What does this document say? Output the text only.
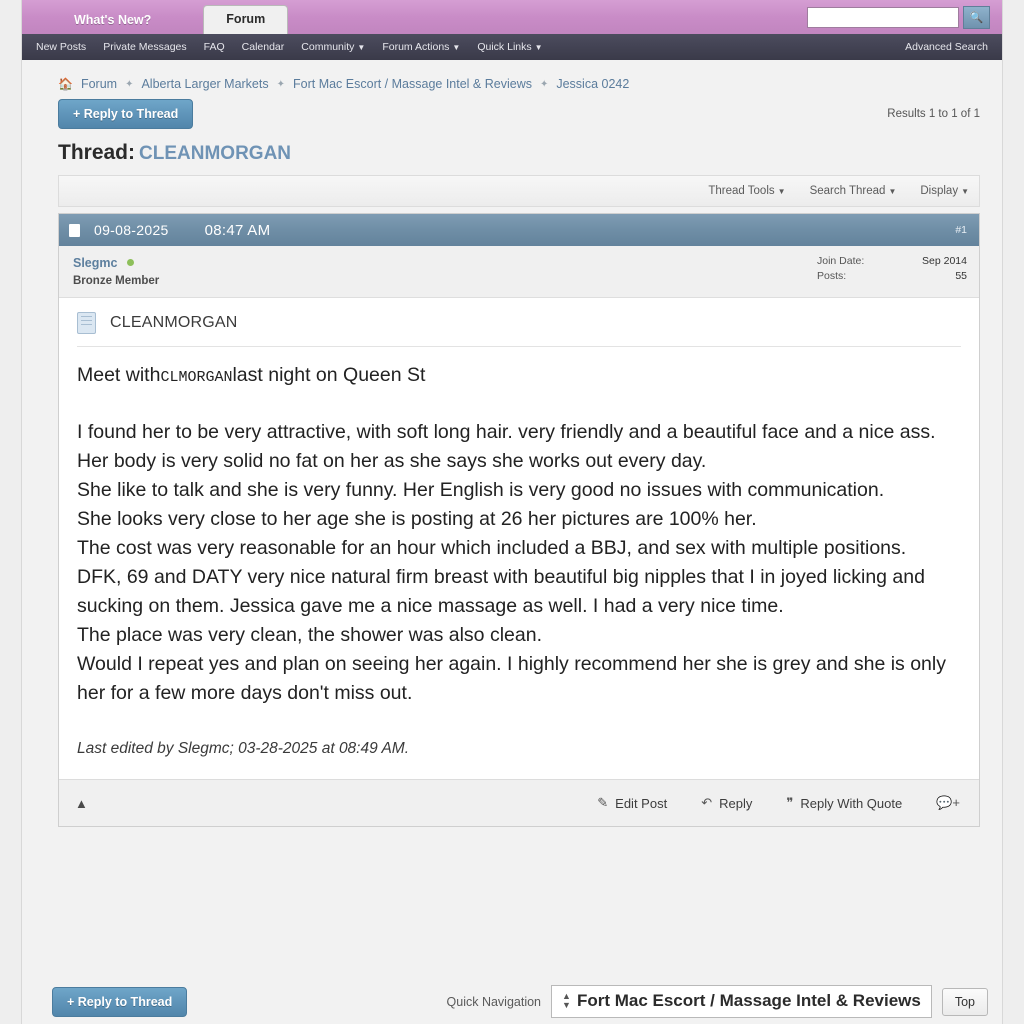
What's New?	Forum	🔍
New Posts Private Messages FAQ Calendar Community ▼ Forum Actions ▼ Quick Links ▼	Advanced Search
🏠 Forum ✦ Alberta Larger Markets ✦ Fort Mac Escort / Massage Intel & Reviews ✦ Jessica 0242
+ Reply to Thread	Results 1 to 1 of 1
Thread: CLEANMORGAN
Thread Tools ▼ Search Thread ▼ Display ▼
09-08-2025 08:47 AM	#1
Slegmc
Bronze Member
Join Date:	Sep 2014
Posts:	55
CLEANMORGAN

Meet withCLMORGANlast night on Queen St

I found her to be very attractive, with soft long hair. very friendly and a beautiful face and a nice ass.

Her body is very solid no fat on her as she says she works out every day.

She like to talk and she is very funny. Her English is very good no issues with communication.

She looks very close to her age she is posting at 26 her pictures are 100% her.

The cost was very reasonable for an hour which included a BBJ, and sex with multiple positions.

DFK, 69 and DATY very nice natural firm breast with beautiful big nipples that I in joyed licking and sucking on them. Jessica gave me a nice massage as well. I had a very nice time.

The place was very clean, the shower was also clean.

Would I repeat yes and plan on seeing her again. I highly recommend her she is grey and she is only her for a few more days don't miss out.

Last edited by Slegmc; 03-28-2025 at 08:49 AM.
▲	✎ Edit Post	↶ Reply	❞ Reply With Quote	💬+
+ Reply to Thread	Quick Navigation ▲
▼ Fort Mac Escort / Massage Intel & Reviews	Top
